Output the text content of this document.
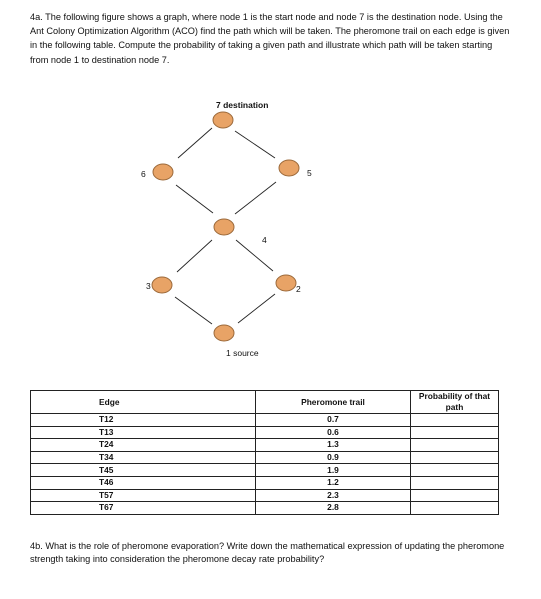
4a. The following figure shows a graph, where node 1 is the start node and node 7 is the destination node. Using the Ant Colony Optimization Algorithm (ACO) find the path which will be taken. The pheromone trail on each edge is given in the following table. Compute the probability of taking a given path and illustrate which path will be taken starting from node 1 to destination node 7.

7 destination
6	5
4
3	2
1 source
Edge	Pheromone trail	Probability of that path
T12	0.7	
T13	0.6	
T24	1.3	
T34	0.9	
T45	1.9	
T46	1.2	
T57	2.3	
T67	2.8	

4b. What is the role of pheromone evaporation? Write down the mathematical expression of updating the pheromone strength taking into consideration the pheromone decay rate probability?
